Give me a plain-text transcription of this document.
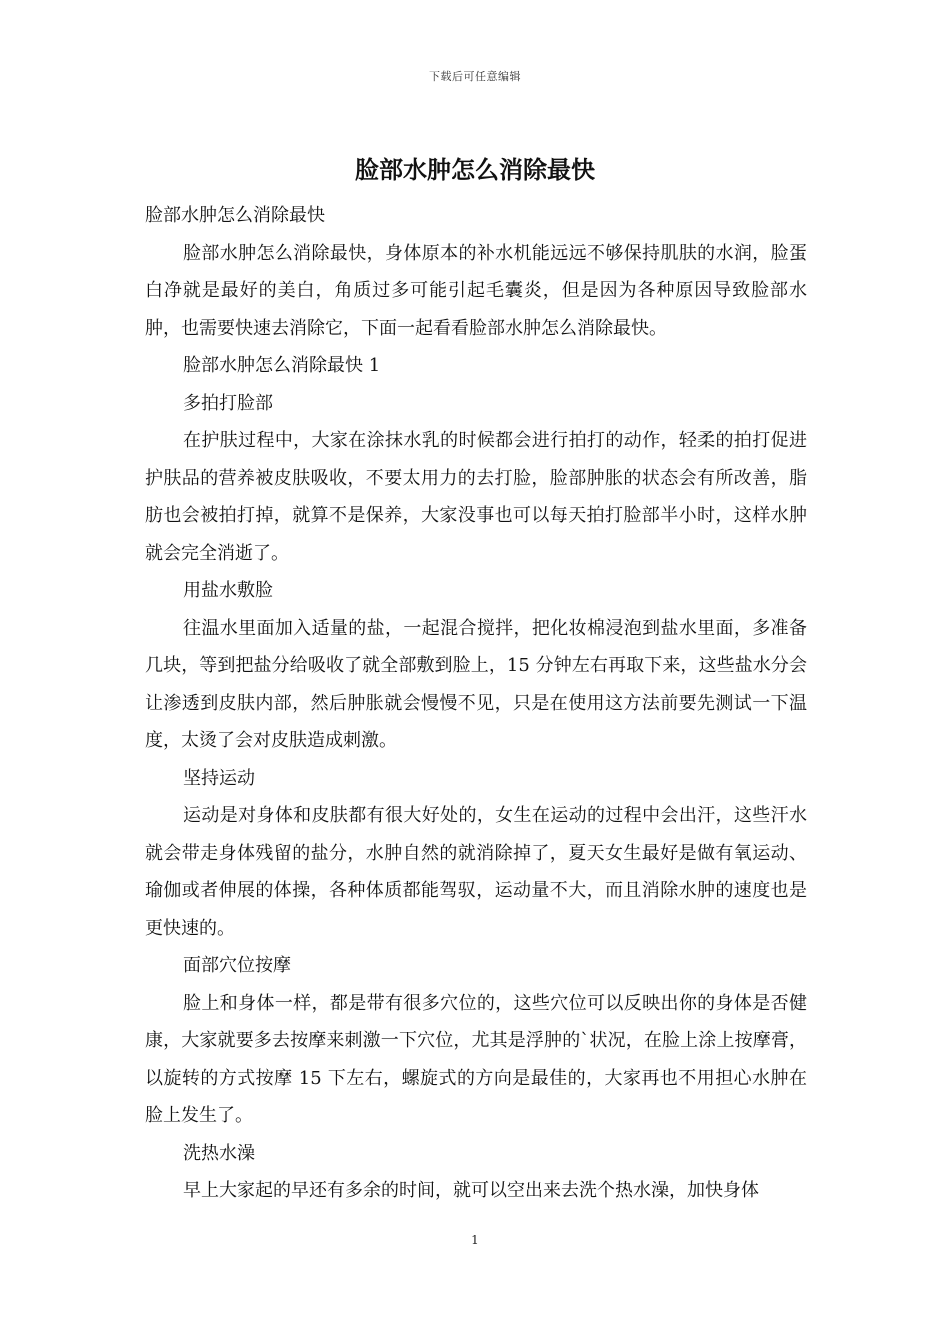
下载后可任意编辑
脸部水肿怎么消除最快

脸部水肿怎么消除最快

脸部水肿怎么消除最快，身体原本的补水机能远远不够保持肌肤的水润，脸蛋白净就是最好的美白，角质过多可能引起毛囊炎，但是因为各种原因导致脸部水肿，也需要快速去消除它，下面一起看看脸部水肿怎么消除最快。

脸部水肿怎么消除最快 1

多拍打脸部

在护肤过程中，大家在涂抹水乳的时候都会进行拍打的动作，轻柔的拍打促进护肤品的营养被皮肤吸收，不要太用力的去打脸，脸部肿胀的状态会有所改善，脂肪也会被拍打掉，就算不是保养，大家没事也可以每天拍打脸部半小时，这样水肿就会完全消逝了。

用盐水敷脸

往温水里面加入适量的盐，一起混合搅拌，把化妆棉浸泡到盐水里面，多准备几块，等到把盐分给吸收了就全部敷到脸上，15 分钟左右再取下来，这些盐水分会让渗透到皮肤内部，然后肿胀就会慢慢不见，只是在使用这方法前要先测试一下温度，太烫了会对皮肤造成刺激。

坚持运动

运动是对身体和皮肤都有很大好处的，女生在运动的过程中会出汗，这些汗水就会带走身体残留的盐分，水肿自然的就消除掉了，夏天女生最好是做有氧运动、瑜伽或者伸展的体操，各种体质都能驾驭，运动量不大，而且消除水肿的速度也是更快速的。

面部穴位按摩

脸上和身体一样，都是带有很多穴位的，这些穴位可以反映出你的身体是否健康，大家就要多去按摩来刺激一下穴位，尤其是浮肿的`状况，在脸上涂上按摩膏，以旋转的方式按摩 15 下左右，螺旋式的方向是最佳的，大家再也不用担心水肿在脸上发生了。

洗热水澡

早上大家起的早还有多余的时间，就可以空出来去洗个热水澡，加快身体

1
